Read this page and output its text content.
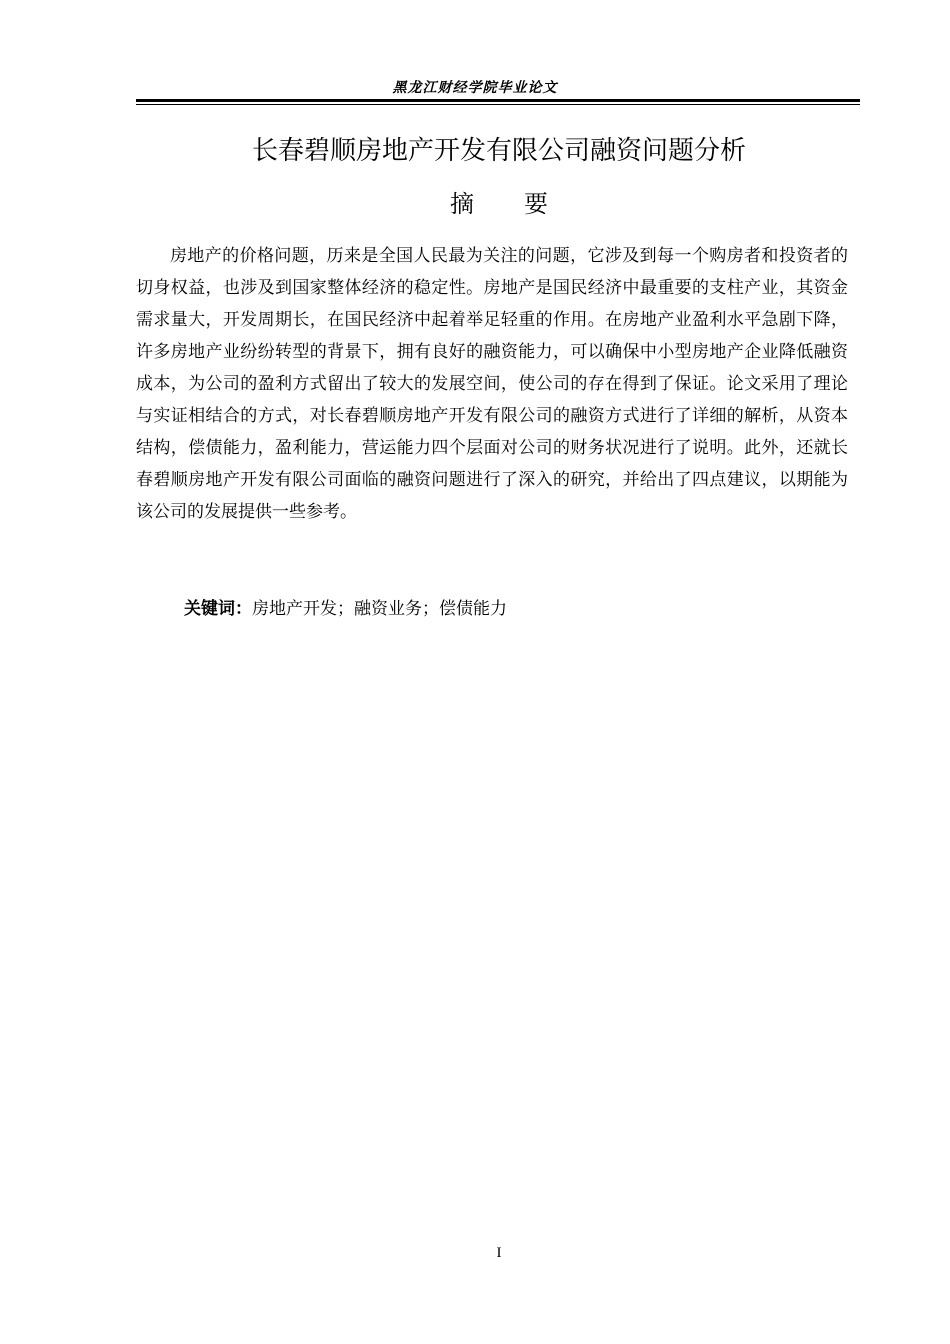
黑龙江财经学院毕业论文
长春碧顺房地产开发有限公司融资问题分析
摘要

房地产的价格问题，历来是全国人民最为关注的问题，它涉及到每一个购房者和投资者的切身权益，也涉及到国家整体经济的稳定性。房地产是国民经济中最重要的支柱产业，其资金需求量大，开发周期长，在国民经济中起着举足轻重的作用。在房地产业盈利水平急剧下降，许多房地产业纷纷转型的背景下，拥有良好的融资能力，可以确保中小型房地产企业降低融资成本，为公司的盈利方式留出了较大的发展空间，使公司的存在得到了保证。论文采用了理论与实证相结合的方式，对长春碧顺房地产开发有限公司的融资方式进行了详细的解析，从资本结构，偿债能力，盈利能力，营运能力四个层面对公司的财务状况进行了说明。此外，还就长春碧顺房地产开发有限公司面临的融资问题进行了深入的研究，并给出了四点建议，以期能为该公司的发展提供一些参考。

关键词：房地产开发；融资业务；偿债能力
I
